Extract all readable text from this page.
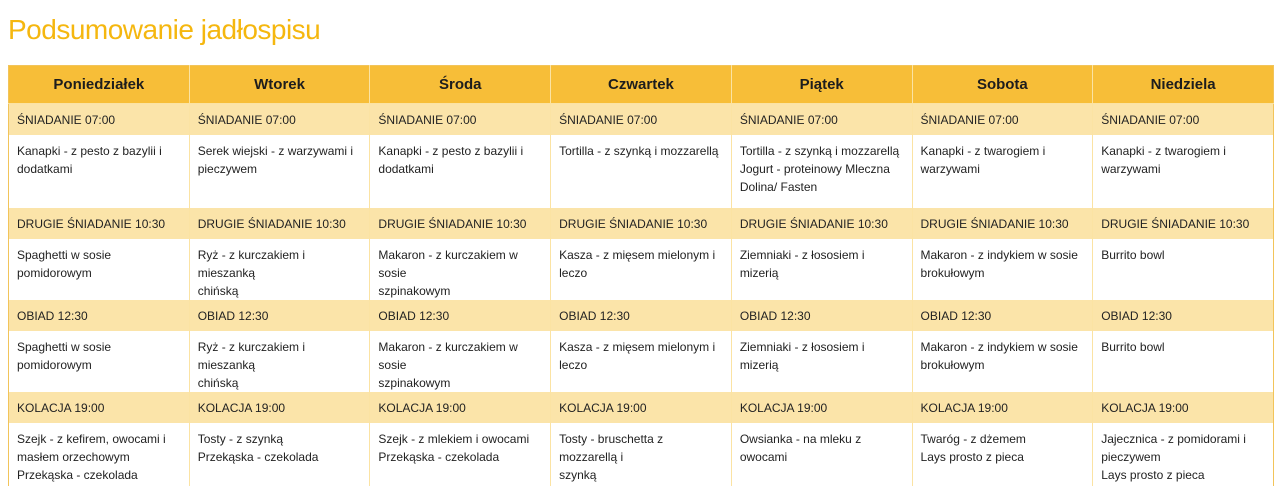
Podsumowanie jadłospisu
Poniedziałek	Wtorek	Środa	Czwartek	Piątek	Sobota	Niedziela
ŚNIADANIE 07:00	ŚNIADANIE 07:00	ŚNIADANIE 07:00	ŚNIADANIE 07:00	ŚNIADANIE 07:00	ŚNIADANIE 07:00	ŚNIADANIE 07:00

Kanapki - z pesto z bazylii i
dodatkami	Serek wiejski - z warzywami i
pieczywem	Kanapki - z pesto z bazylii i
dodatkami	Tortilla - z szynką i mozzarellą	Tortilla - z szynką i mozzarellą
Jogurt - proteinowy Mleczna
Dolina/ Fasten	Kanapki - z twarogiem i warzywami	Kanapki - z twarogiem i warzywami

DRUGIE ŚNIADANIE 10:30	DRUGIE ŚNIADANIE 10:30	DRUGIE ŚNIADANIE 10:30	DRUGIE ŚNIADANIE 10:30	DRUGIE ŚNIADANIE 10:30	DRUGIE ŚNIADANIE 10:30	DRUGIE ŚNIADANIE 10:30

Spaghetti w sosie pomidorowym	Ryż - z kurczakiem i mieszanką
chińską	Makaron - z kurczakiem w sosie
szpinakowym	Kasza - z mięsem mielonym i leczo	Ziemniaki - z łososiem i mizerią	Makaron - z indykiem w sosie
brokułowym	Burrito bowl

OBIAD 12:30	OBIAD 12:30	OBIAD 12:30	OBIAD 12:30	OBIAD 12:30	OBIAD 12:30	OBIAD 12:30

Spaghetti w sosie pomidorowym	Ryż - z kurczakiem i mieszanką
chińską	Makaron - z kurczakiem w sosie
szpinakowym	Kasza - z mięsem mielonym i leczo	Ziemniaki - z łososiem i mizerią	Makaron - z indykiem w sosie
brokułowym	Burrito bowl

KOLACJA 19:00	KOLACJA 19:00	KOLACJA 19:00	KOLACJA 19:00	KOLACJA 19:00	KOLACJA 19:00	KOLACJA 19:00

Szejk - z kefirem, owocami i
masłem orzechowym
Przekąska - czekolada	Tosty - z szynką
Przekąska - czekolada	Szejk - z mlekiem i owocami
Przekąska - czekolada	Tosty - bruschetta z mozzarellą i
szynką	Owsianka - na mleku z owocami	Twaróg - z dżemem
Lays prosto z pieca	Jajecznica - z pomidorami i
pieczywem
Lays prosto z pieca
